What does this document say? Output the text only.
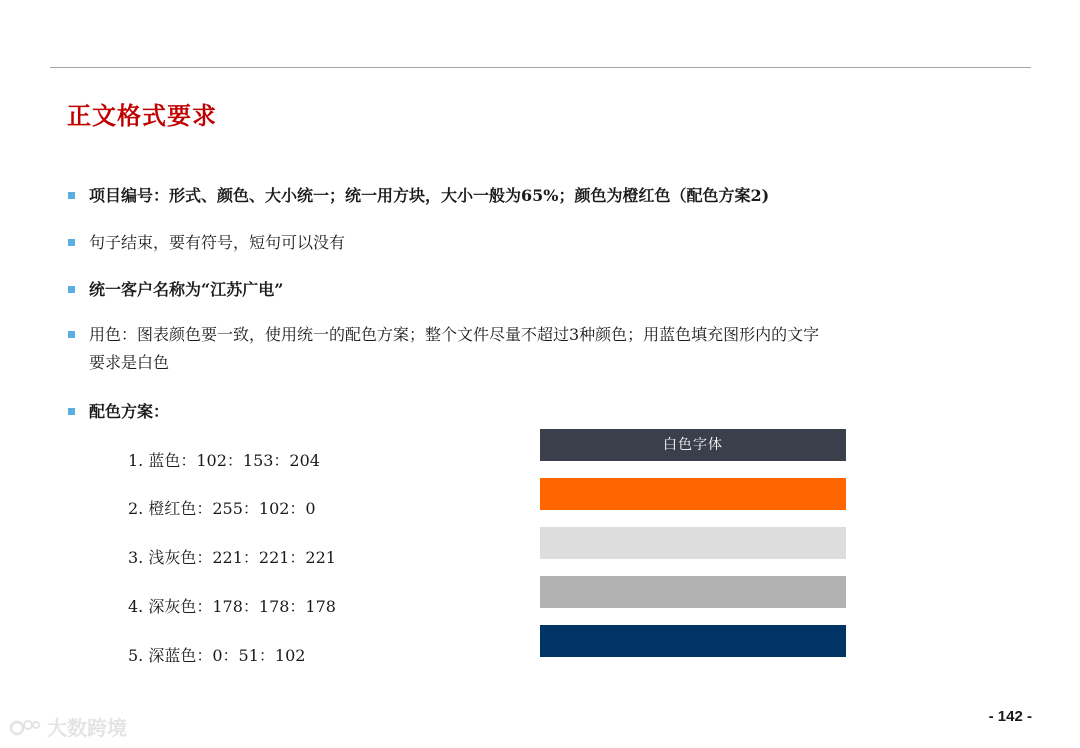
正文格式要求
项目编号：形式、颜色、大小统一；统一用方块，大小一般为65%；颜色为橙红色（配色方案2)
句子结束，要有符号，短句可以没有
统一客户名称为“江苏广电”
用色：图表颜色要一致，使用统一的配色方案；整个文件尽量不超过3种颜色；用蓝色填充图形内的文字
要求是白色
配色方案：
1. 蓝色：102：153：204
2. 橙红色：255：102：0
3. 浅灰色：221：221：221
4. 深灰色：178：178：178
5. 深蓝色：0：51：102
白色字体
大数跨境	- 142 -
